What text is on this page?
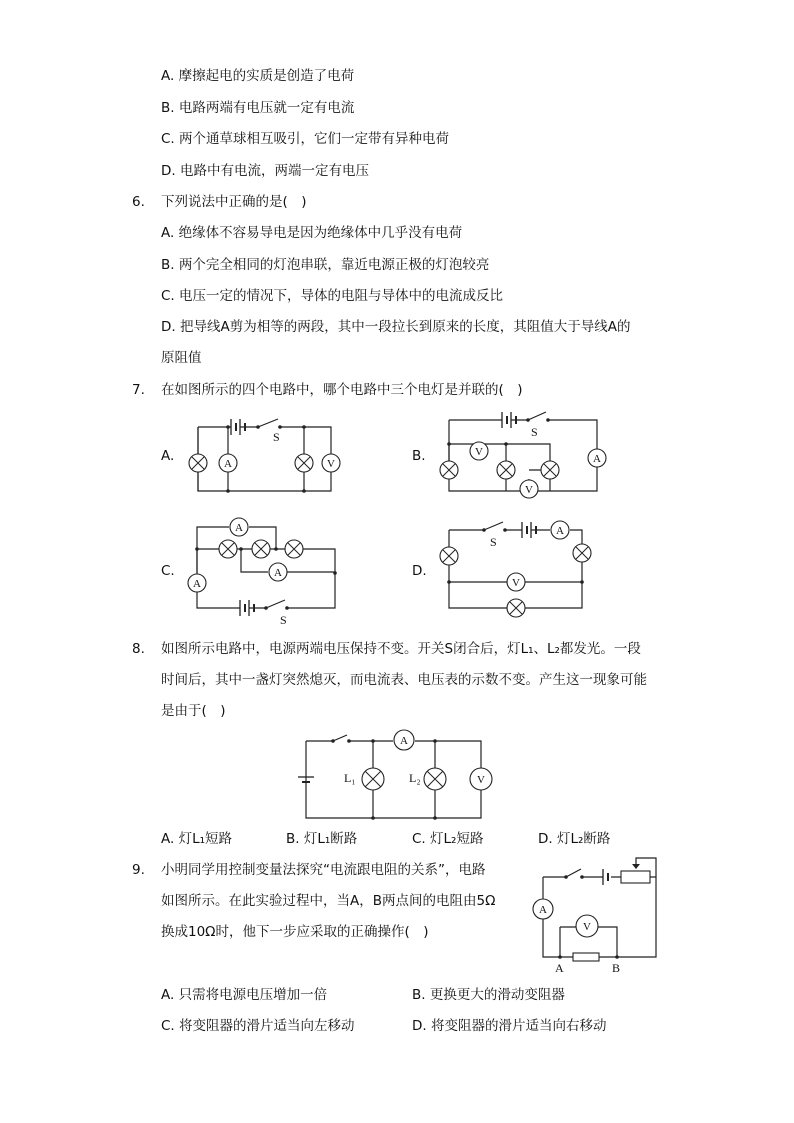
A. 摩擦起电的实质是创造了电荷
B. 电路两端有电压就一定有电流
C. 两个通草球相互吸引，它们一定带有异种电荷
D. 电路中有电流，两端一定有电压
6. 下列说法中正确的是(　)
A. 绝缘体不容易导电是因为绝缘体中几乎没有电荷
B. 两个完全相同的灯泡串联，靠近电源正极的灯泡较亮
C. 电压一定的情况下，导体的电阻与导体中的电流成反比
D. 把导线A剪为相等的两段，其中一段拉长到原来的长度，其阻值大于导线A的
原阻值
7. 在如图所示的四个电路中，哪个电路中三个电灯是并联的(　)
A.	B.
C.	D.
S
A	V
S
V
V
A
S
A
A
A
S
A
V
8. 如图所示电路中，电源两端电压保持不变。开关S闭合后，灯L₁、L₂都发光。一段
时间后，其中一盏灯突然熄灭，而电流表、电压表的示数不变。产生这一现象可能
是由于(　)
A
V
L₁	L₂
A. 灯L₁短路	B. 灯L₁断路	C. 灯L₂短路	D. 灯L₂断路
9. 小明同学用控制变量法探究“电流跟电阻的关系”，电路
如图所示。在此实验过程中，当A，B两点间的电阻由5Ω
换成10Ω时，他下一步应采取的正确操作(　)
A
V
A	B
A. 只需将电源电压增加一倍	B. 更换更大的滑动变阻器
C. 将变阻器的滑片适当向左移动	D. 将变阻器的滑片适当向右移动
